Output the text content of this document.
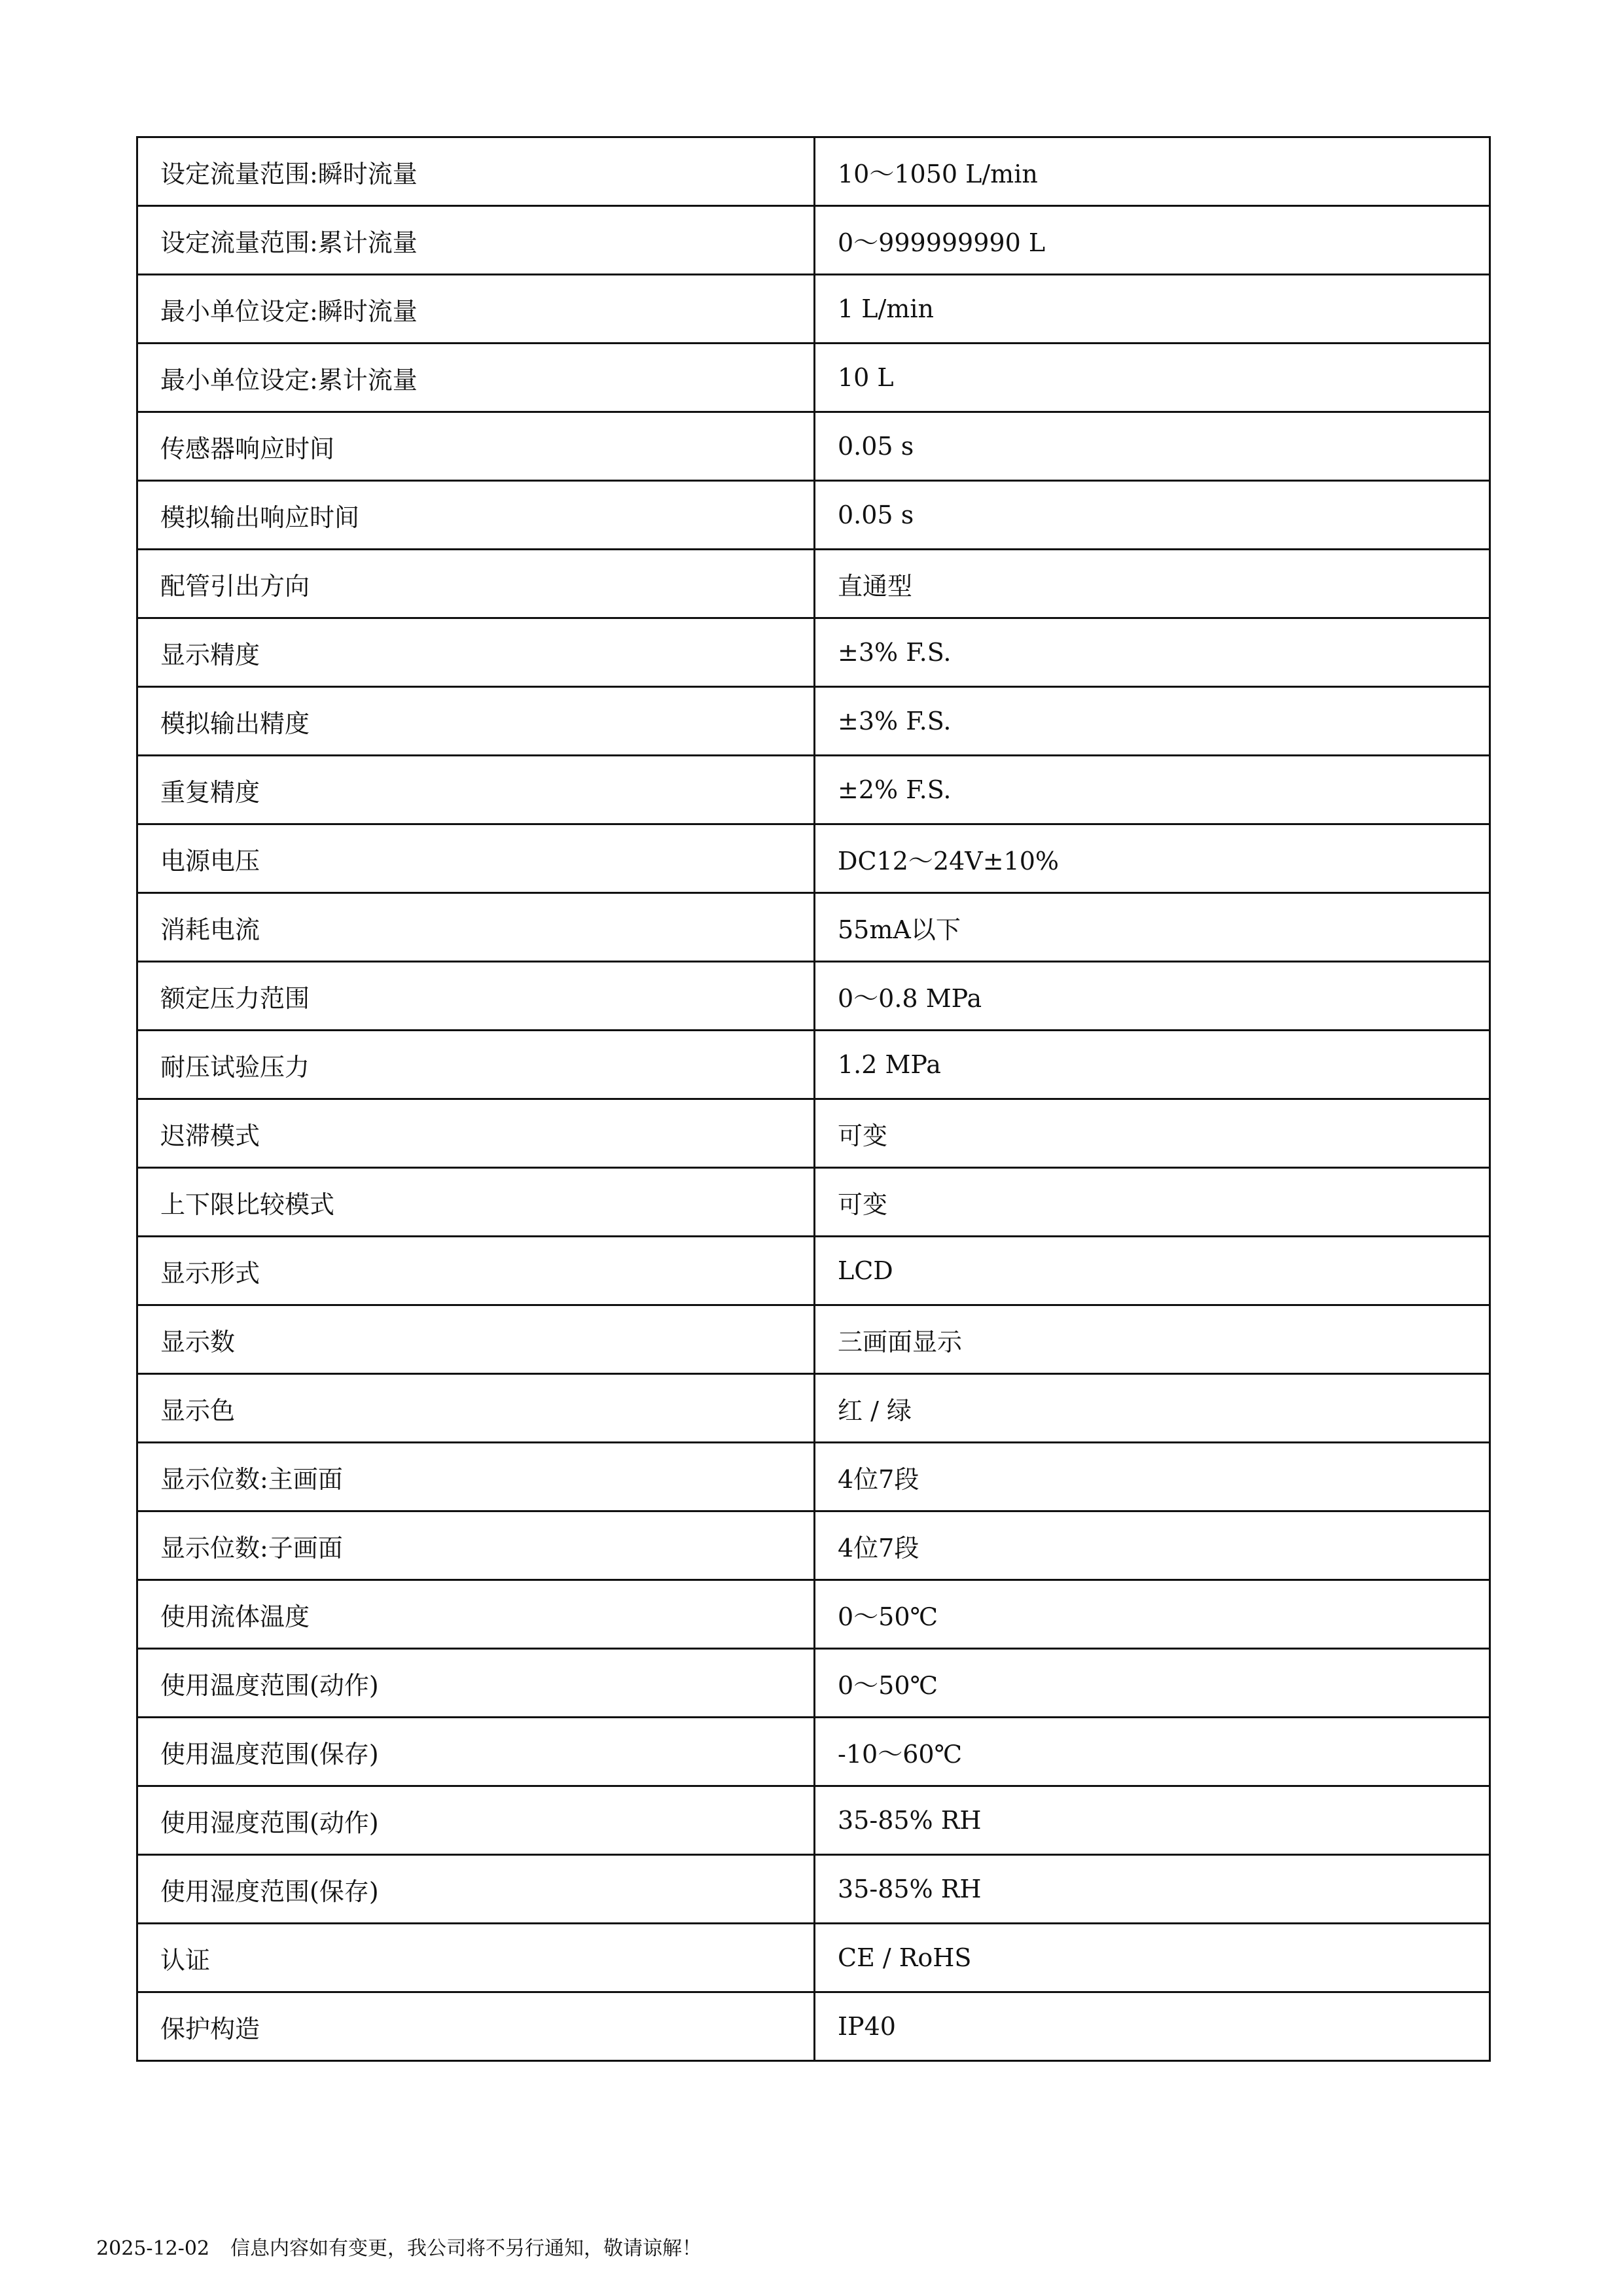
设定流量范围:瞬时流量	10～1050 L/min
设定流量范围:累计流量	0～999999990 L
最小单位设定:瞬时流量	1 L/min
最小单位设定:累计流量	10 L
传感器响应时间	0.05 s
模拟输出响应时间	0.05 s
配管引出方向	直通型
显示精度	±3% F.S.
模拟输出精度	±3% F.S.
重复精度	±2% F.S.
电源电压	DC12～24V±10%
消耗电流	55mA以下
额定压力范围	0～0.8 MPa
耐压试验压力	1.2 MPa
迟滞模式	可变
上下限比较模式	可变
显示形式	LCD
显示数	三画面显示
显示色	红 / 绿
显示位数:主画面	4位7段
显示位数:子画面	4位7段
使用流体温度	0～50℃
使用温度范围(动作)	0～50℃
使用温度范围(保存)	-10～60℃
使用湿度范围(动作)	35-85% RH
使用湿度范围(保存)	35-85% RH
认证	CE / RoHS
保护构造	IP40

2025-12-02 信息内容如有变更，我公司将不另行通知，敬请谅解！
